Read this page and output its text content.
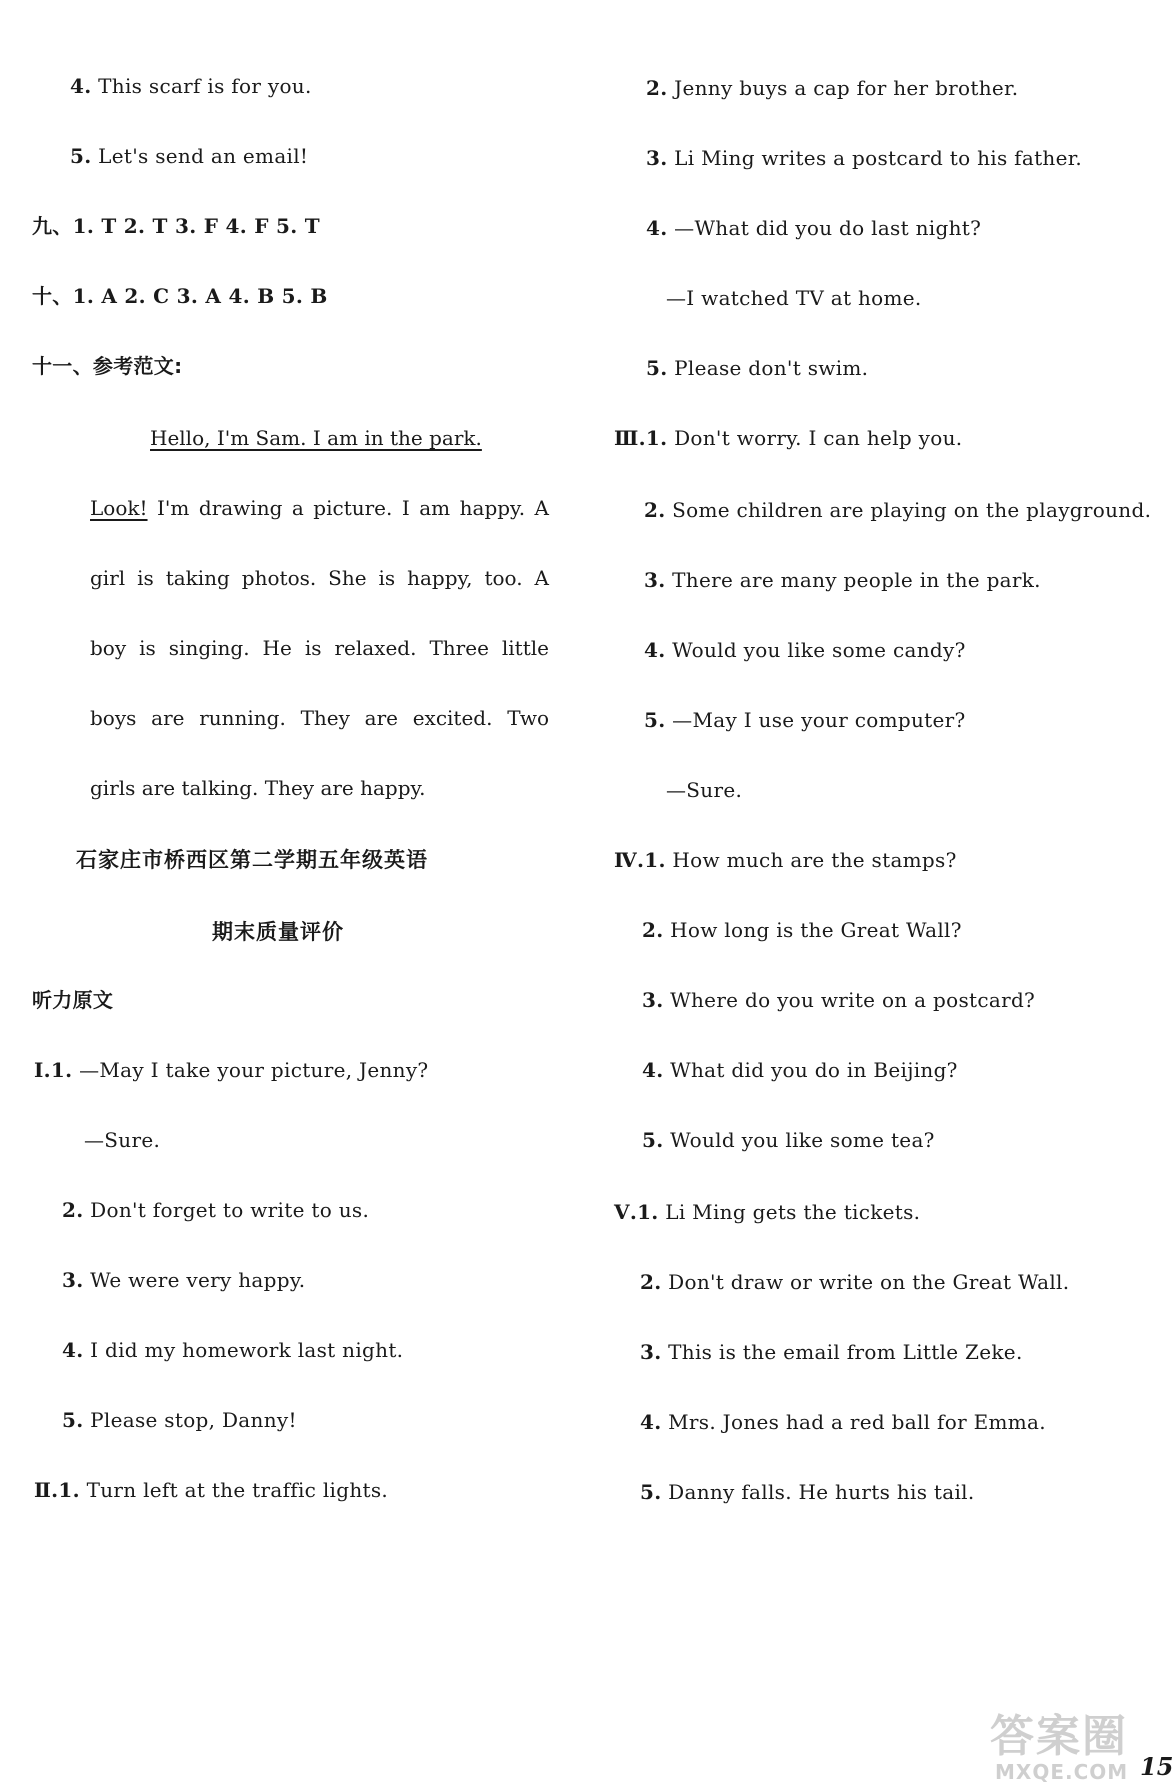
4. This scarf is for you.
5. Let's send an email!
九、1. T 2. T 3. F 4. F 5. T
十、1. A 2. C 3. A 4. B 5. B
十一、参考范文:
Hello, I'm Sam. I am in the park.
Look! I'm drawing a picture. I am happy. A
girl is taking photos. She is happy, too. A
boy is singing. He is relaxed. Three little
boys are running. They are excited. Two
girls are talking. They are happy.
石家庄市桥西区第二学期五年级英语
期末质量评价
听力原文
Ⅰ.1. —May I take your picture, Jenny?
—Sure.
2. Don't forget to write to us.
3. We were very happy.
4. I did my homework last night.
5. Please stop, Danny!
Ⅱ.1. Turn left at the traffic lights.
2. Jenny buys a cap for her brother.
3. Li Ming writes a postcard to his father.
4. —What did you do last night?
—I watched TV at home.
5. Please don't swim.
Ⅲ.1. Don't worry. I can help you.
2. Some children are playing on the playground.
3. There are many people in the park.
4. Would you like some candy?
5. —May I use your computer?
—Sure.
Ⅳ.1. How much are the stamps?
2. How long is the Great Wall?
3. Where do you write on a postcard?
4. What did you do in Beijing?
5. Would you like some tea?
Ⅴ.1. Li Ming gets the tickets.
2. Don't draw or write on the Great Wall.
3. This is the email from Little Zeke.
4. Mrs. Jones had a red ball for Emma.
5. Danny falls. He hurts his tail.
15
答案圈
MXQE.COM
